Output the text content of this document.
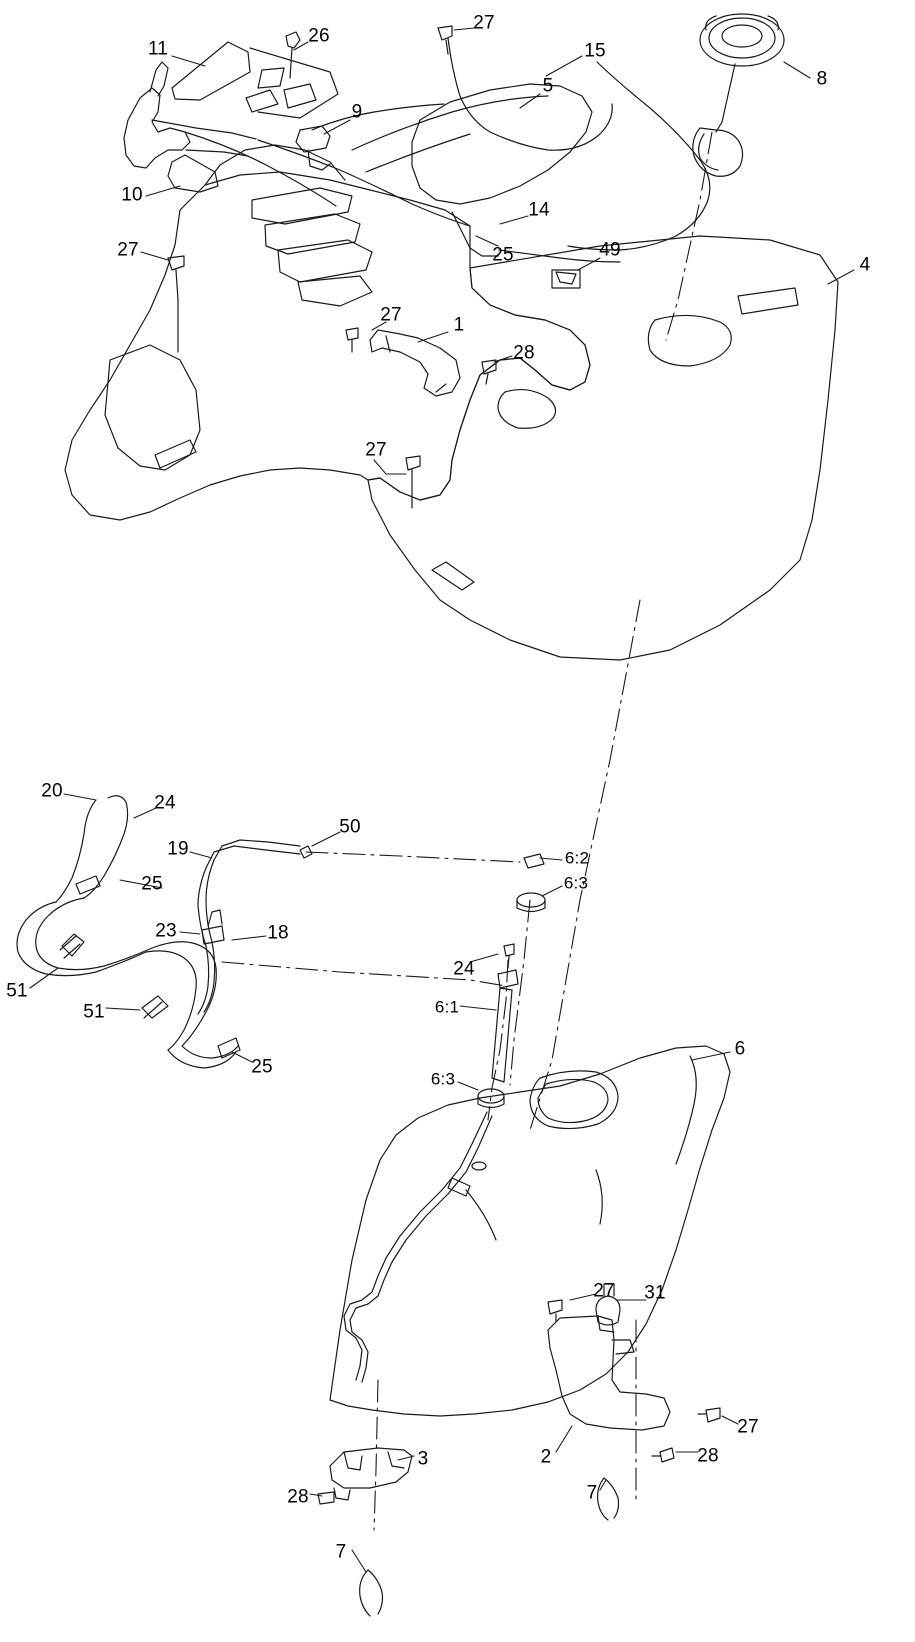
11
26
27
15
5	8
9
10
14
25	49
27
4
27	1
28
27
20
24
50
19	6:2
25	6:3
23	18
24
51
6:1
51
25
6
6:3
27 31
27
2	28
3
28	7
7
